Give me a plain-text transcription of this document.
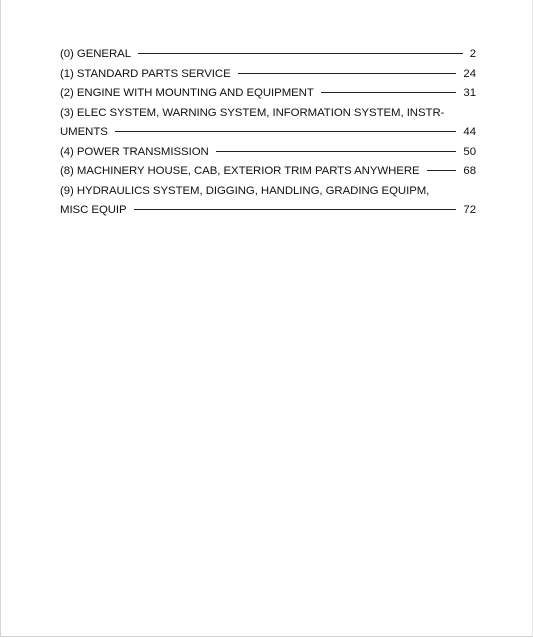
(0) GENERAL	2
(1) STANDARD PARTS SERVICE	24
(2) ENGINE WITH MOUNTING AND EQUIPMENT	31
(3) ELEC SYSTEM, WARNING SYSTEM, INFORMATION SYSTEM, INSTR-
UMENTS	44
(4) POWER TRANSMISSION	50
(8) MACHINERY HOUSE, CAB, EXTERIOR TRIM PARTS ANYWHERE	68
(9) HYDRAULICS SYSTEM, DIGGING, HANDLING, GRADING EQUIPM,
MISC EQUIP	72
